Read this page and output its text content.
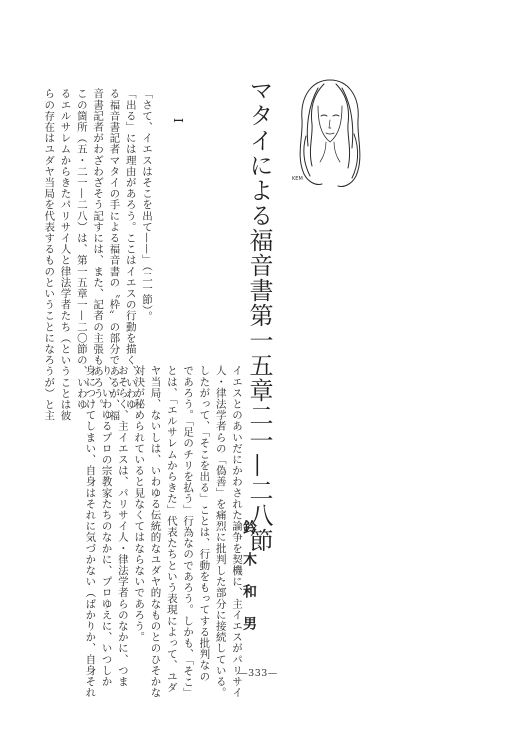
KEM
マタイによる福音書第一五章二一—二八節
鈴木和男
I
「さて、イエスはそこを出て——」（二一節）。
「出る」には理由があろう。ここはイエスの行動を描く、いわゆ
る福音書記者マタイの手による福音書の〝枠〟の部分であるが、福
音書記者がわざわざそう記すには、また、記者の主張もあろう。
この箇所（五・二一—二八）は、第一五章一—二〇節の、いわゆ
るエルサレムからきたパリサイ人と律法学者たち（ということは彼
らの存在はユダヤ当局を代表するものということになろうが）と主
イエスとのあいだにかわされた論争を契機に、主イエスがパリサイ
人・律法学者らの「偽善」を痛烈に批判した部分に接続している。
したがって、「そこを出る」ことは、行動をもってする批判なの
であろう。「足のチリを払う」行為なのであろう。しかも、「そこ」
とは、「エルサレムからきた」代表たちという表現によって、ユダ
ヤ当局、ないしは、いわゆる伝統的なユダヤ的なものとのひそかな
対決が秘められていると見なくてはならないであろう。
おそらく、主イエスは、パリサイ人・律法学者らのなかに、つま
り、いわゆるプロの宗教家たちのなかに、プロゆえに、いつしか
身につけてしまい、自身はそれに気づかない（ばかりか、自身それ	—333—
